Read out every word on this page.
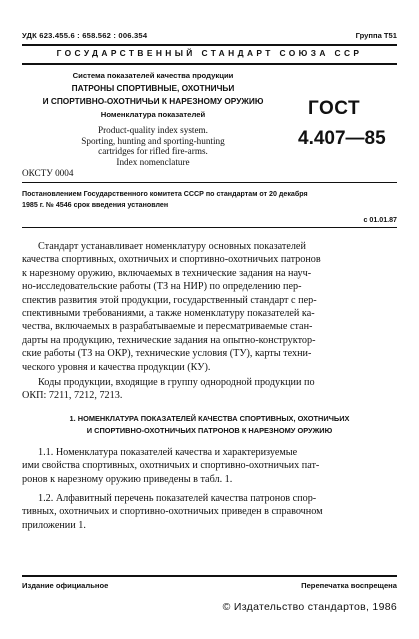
УДК 623.455.6 : 658.562 : 006.354	Группа Т51
ГОСУДАРСТВЕННЫЙ СТАНДАРТ СОЮЗА ССР
Система показателей качества продукции
ПАТРОНЫ СПОРТИВНЫЕ, ОХОТНИЧЬИ
И СПОРТИВНО-ОХОТНИЧЬИ К НАРЕЗНОМУ ОРУЖИЮ
Номенклатура показателей
Product-quality index system.
Sporting, hunting and sporting-hunting
cartridges for rifled fire-arms.
Index nomenclature
ОКСТУ 0004
ГОСТ
4.407—85
Постановлением Государственного комитета СССР по стандартам от 20 декабря
1985 г. № 4546 срок введения установлен
с 01.01.87
Стандарт устанавливает номенклатуру основных показателей
качества спортивных, охотничьих и спортивно-охотничьих патронов
к нарезному оружию, включаемых в технические задания на науч-
но-исследовательские работы (ТЗ на НИР) по определению пер-
спектив развития этой продукции, государственный стандарт с пер-
спективными требованиями, а также номенклатуру показателей ка-
чества, включаемых в разрабатываемые и пересматриваемые стан-
дарты на продукцию, технические задания на опытно-конструктор-
ские работы (ТЗ на ОКР), технические условия (ТУ), карты техни-
ческого уровня и качества продукции (КУ).
Коды продукции, входящие в группу однородной продукции по
ОКП: 7211, 7212, 7213.
1. НОМЕНКЛАТУРА ПОКАЗАТЕЛЕЙ КАЧЕСТВА СПОРТИВНЫХ, ОХОТНИЧЬИХ
И СПОРТИВНО-ОХОТНИЧЬИХ ПАТРОНОВ К НАРЕЗНОМУ ОРУЖИЮ
1.1. Номенклатура показателей качества и характеризуемые
ими свойства спортивных, охотничьих и спортивно-охотничьих пат-
ронов к нарезному оружию приведены в табл. 1.
1.2. Алфавитный перечень показателей качества патронов спор-
тивных, охотничьих и спортивно-охотничьих приведен в справочном
приложении 1.
Издание официальное	Перепечатка воспрещена
© Издательство стандартов, 1986
